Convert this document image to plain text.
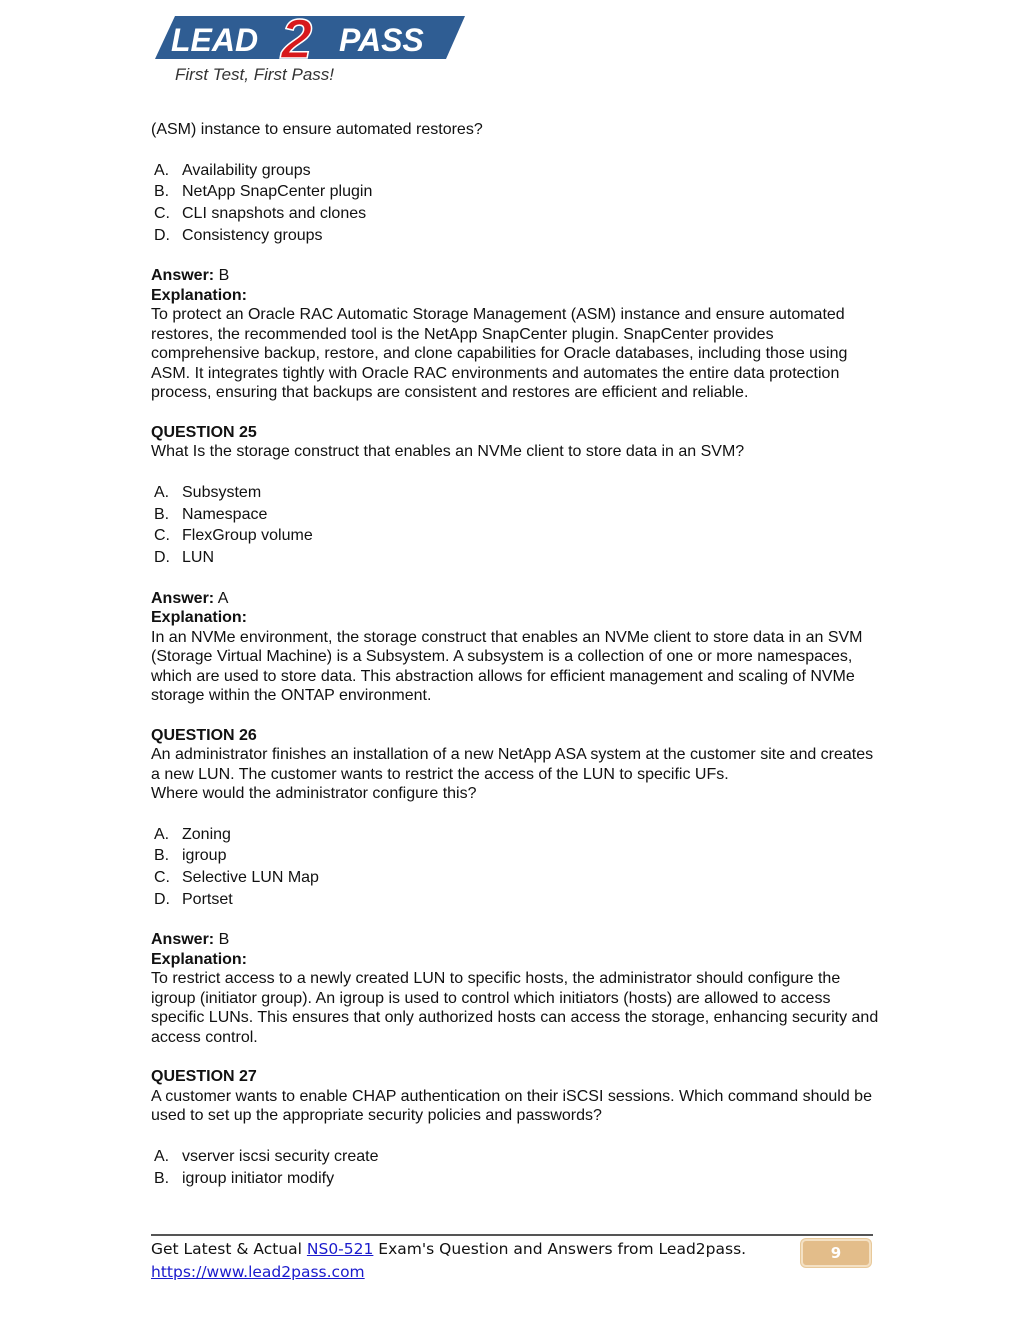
LEAD 2 PASS
First Test, First Pass!
(ASM) instance to ensure automated restores?
A. Availability groups
B. NetApp SnapCenter plugin
C. CLI snapshots and clones
D. Consistency groups
Answer: B
Explanation:
To protect an Oracle RAC Automatic Storage Management (ASM) instance and ensure automated restores, the recommended tool is the NetApp SnapCenter plugin. SnapCenter provides comprehensive backup, restore, and clone capabilities for Oracle databases, including those using ASM. It integrates tightly with Oracle RAC environments and automates the entire data protection process, ensuring that backups are consistent and restores are efficient and reliable.
QUESTION 25
What Is the storage construct that enables an NVMe client to store data in an SVM?
A. Subsystem
B. Namespace
C. FlexGroup volume
D. LUN
Answer: A
Explanation:
In an NVMe environment, the storage construct that enables an NVMe client to store data in an SVM (Storage Virtual Machine) is a Subsystem. A subsystem is a collection of one or more namespaces, which are used to store data. This abstraction allows for efficient management and scaling of NVMe storage within the ONTAP environment.
QUESTION 26
An administrator finishes an installation of a new NetApp ASA system at the customer site and creates a new LUN. The customer wants to restrict the access of the LUN to specific UFs.
Where would the administrator configure this?
A. Zoning
B. igroup
C. Selective LUN Map
D. Portset
Answer: B
Explanation:
To restrict access to a newly created LUN to specific hosts, the administrator should configure the igroup (initiator group). An igroup is used to control which initiators (hosts) are allowed to access specific LUNs. This ensures that only authorized hosts can access the storage, enhancing security and access control.
QUESTION 27
A customer wants to enable CHAP authentication on their iSCSI sessions. Which command should be used to set up the appropriate security policies and passwords?
A. vserver iscsi security create
B. igroup initiator modify
Get Latest & Actual NS0-521 Exam's Question and Answers from Lead2pass.
https://www.lead2pass.com
9
